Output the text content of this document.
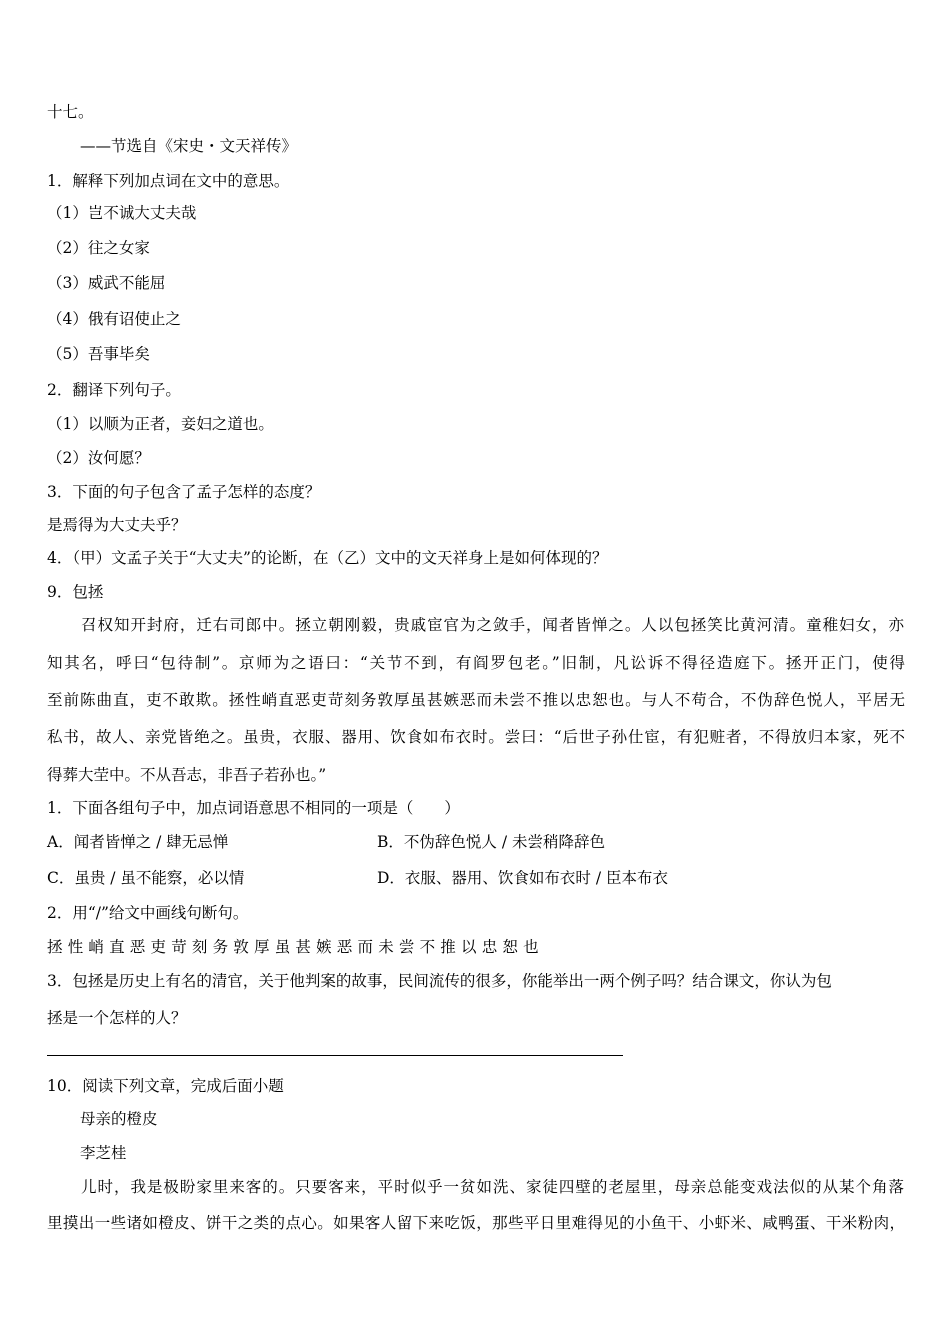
十七。
——节选自《宋史・文天祥传》
1．解释下列加点词在文中的意思。
（1）岂不诚大丈夫哉
（2）往之女家
（3）威武不能屈
（4）俄有诏使止之
（5）吾事毕矣
2．翻译下列句子。
（1）以顺为正者，妾妇之道也。
（2）汝何愿？
3．下面的句子包含了孟子怎样的态度？
是焉得为大丈夫乎？
4．（甲）文孟子关于“大丈夫”的论断，在（乙）文中的文天祥身上是如何体现的？
9．包拯
召权知开封府，迁右司郎中。拯立朝刚毅，贵戚宦官为之敛手，闻者皆惮之。人以包拯笑比黄河清。童稚妇女，亦
知其名，呼曰“包待制”。京师为之语曰：“关节不到，有阎罗包老。”旧制，凡讼诉不得径造庭下。拯开正门，使得
至前陈曲直，吏不敢欺。拯性峭直恶吏苛刻务敦厚虽甚嫉恶而未尝不推以忠恕也。与人不苟合，不伪辞色悦人，平居无
私书，故人、亲党皆绝之。虽贵，衣服、器用、饮食如布衣时。尝曰：“后世子孙仕宦，有犯赃者，不得放归本家，死不
得葬大茔中。不从吾志，非吾子若孙也。”
1．下面各组句子中，加点词语意思不相同的一项是（　　）
A．闻者皆惮之 / 肆无忌惮	B．不伪辞色悦人 / 未尝稍降辞色
C．虽贵 / 虽不能察，必以情	D．衣服、器用、饮食如布衣时 / 臣本布衣
2．用“/”给文中画线句断句。
拯性峭直恶吏苛刻务敦厚虽甚嫉恶而未尝不推以忠恕也
3．包拯是历史上有名的清官，关于他判案的故事，民间流传的很多，你能举出一两个例子吗？结合课文，你认为包
拯是一个怎样的人？
10．阅读下列文章，完成后面小题
母亲的橙皮
李芝桂
儿时，我是极盼家里来客的。只要客来，平时似乎一贫如洗、家徒四壁的老屋里，母亲总能变戏法似的从某个角落
里摸出一些诸如橙皮、饼干之类的点心。如果客人留下来吃饭，那些平日里难得见的小鱼干、小虾米、咸鸭蛋、干米粉肉，
